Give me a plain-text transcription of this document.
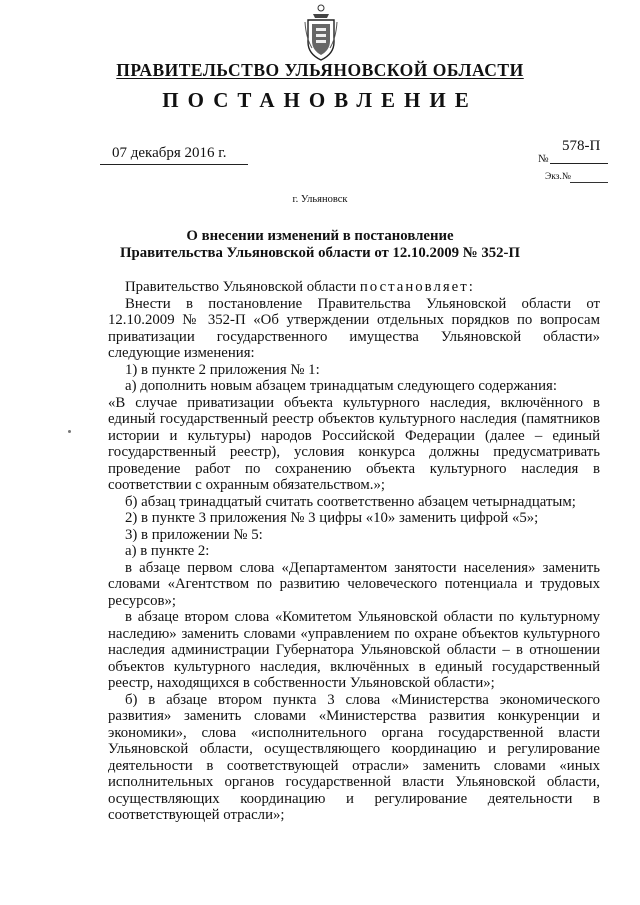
ПРАВИТЕЛЬСТВО УЛЬЯНОВСКОЙ ОБЛАСТИ
ПОСТАНОВЛЕНИЕ
07 декабря 2016 г.	578-П
№
Экз.№
г. Ульяновск
О внесении изменений в постановление
Правительства Ульяновской области от 12.10.2009 № 352-П

Правительство Ульяновской области постановляет:

Внести в постановление Правительства Ульяновской области от 12.10.2009 № 352-П «Об утверждении отдельных порядков по вопросам приватизации государственного имущества Ульяновской области» следующие изменения:

1) в пункте 2 приложения № 1:

а) дополнить новым абзацем тринадцатым следующего содержания:

«В случае приватизации объекта культурного наследия, включённого в единый государственный реестр объектов культурного наследия (памятников истории и культуры) народов Российской Федерации (далее – единый государственный реестр), условия конкурса должны предусматривать проведение работ по сохранению объекта культурного наследия в соответствии с охранным обязательством.»;

б) абзац тринадцатый считать соответственно абзацем четырнадцатым;

2) в пункте 3 приложения № 3 цифры «10» заменить цифрой «5»;

3) в приложении № 5:

а) в пункте 2:

в абзаце первом слова «Департаментом занятости населения» заменить словами «Агентством по развитию человеческого потенциала и трудовых ресурсов»;

в абзаце втором слова «Комитетом Ульяновской области по культурному наследию» заменить словами «управлением по охране объектов культурного наследия администрации Губернатора Ульяновской области – в отношении объектов культурного наследия, включённых в единый государственный реестр, находящихся в собственности Ульяновской области»;

б) в абзаце втором пункта 3 слова «Министерства экономического развития» заменить словами «Министерства развития конкуренции и экономики», слова «исполнительного органа государственной власти Ульяновской области, осуществляющего координацию и регулирование деятельности в соответствующей отрасли» заменить словами «иных исполнительных органов государственной власти Ульяновской области, осуществляющих координацию и регулирование деятельности в соответствующей отрасли»;
